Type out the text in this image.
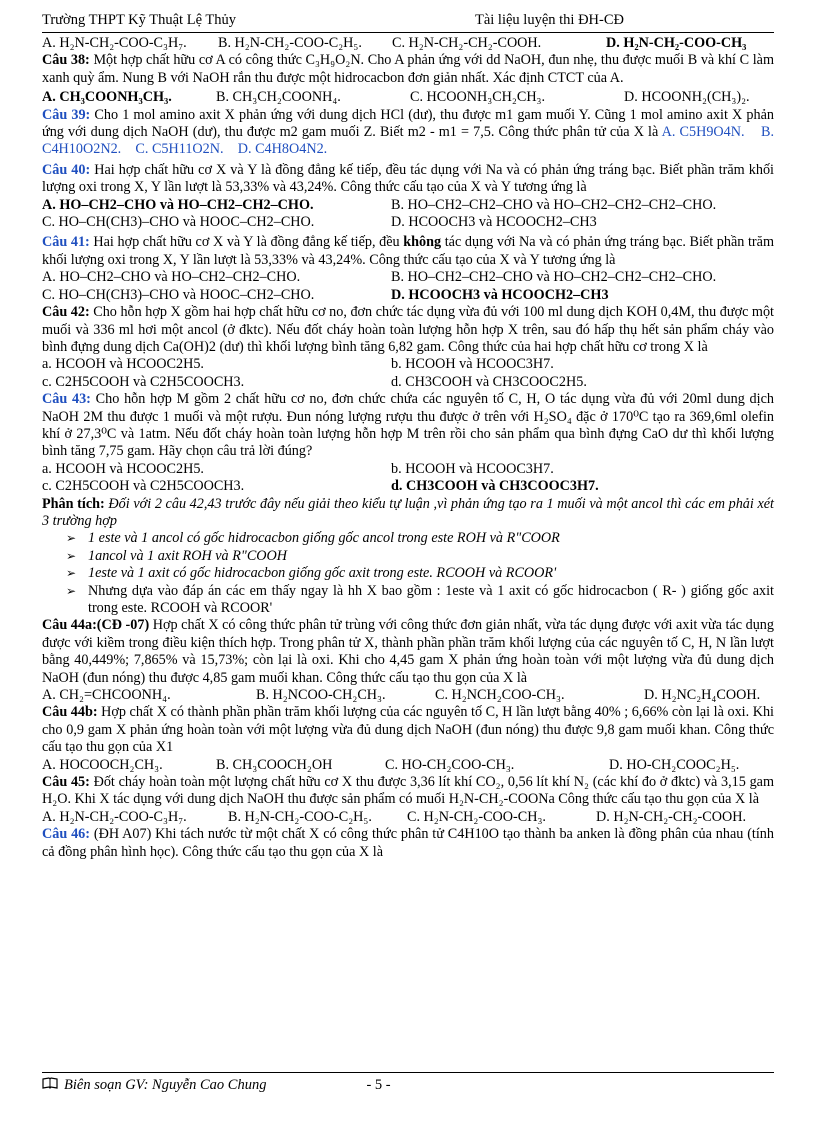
Trường THPT Kỹ Thuật Lệ Thủy	Tài liệu luyện thi ĐH-CĐ
A. H₂N-CH₂-COO-C₃H₇.	B. H₂N-CH₂-COO-C₂H₅.	C. H₂N-CH₂-CH₂-COOH.	D. H₂N-CH₂-COO-CH₃
Câu 38: Một hợp chất hữu cơ A có công thức C₃H₉O₂N. Cho A phản ứng với dd NaOH, đun nhẹ, thu được muối B và khí C làm xanh quỳ ẩm. Nung B với NaOH rắn thu được một hidrocacbon đơn giản nhất. Xác định CTCT của A.
A. CH₃COONH₃CH₃.	B. CH₃CH₂COONH₄.	C. HCOONH₃CH₂CH₃.	D. HCOONH₂(CH₃)₂.
Câu 39: Cho 1 mol amino axit X phản ứng với dung dịch HCl (dư), thu được m1 gam muối Y. Cũng 1 mol amino axit X phản ứng với dung dịch NaOH (dư), thu được m2 gam muối Z. Biết m2 - m1 = 7,5. Công thức phân tử của X là A. C5H9O4N. B. C4H10O2N2. C. C5H11O2N. D. C4H8O4N2.
Câu 40: Hai hợp chất hữu cơ X và Y là đồng đẳng kế tiếp, đều tác dụng với Na và có phản ứng tráng bạc. Biết phần trăm khối lượng oxi trong X, Y lần lượt là 53,33% và 43,24%. Công thức cấu tạo của X và Y tương ứng là
A. HO–CH2–CHO và HO–CH2–CH2–CHO.	B. HO–CH2–CH2–CHO và HO–CH2–CH2–CH2–CHO.
C. HO–CH(CH3)–CHO và HOOC–CH2–CHO.	D. HCOOCH3 và HCOOCH2–CH3
Câu 41: Hai hợp chất hữu cơ X và Y là đồng đẳng kế tiếp, đều không tác dụng với Na và có phản ứng tráng bạc. Biết phần trăm khối lượng oxi trong X, Y lần lượt là 53,33% và 43,24%. Công thức cấu tạo của X và Y tương ứng là
A. HO–CH2–CHO và HO–CH2–CH2–CHO.	B. HO–CH2–CH2–CHO và HO–CH2–CH2–CH2–CHO.
C. HO–CH(CH3)–CHO và HOOC–CH2–CHO.	D. HCOOCH3 và HCOOCH2–CH3
Câu 42: Cho hỗn hợp X gồm hai hợp chất hữu cơ no, đơn chức tác dụng vừa đủ với 100 ml dung dịch KOH 0,4M, thu được một muối và 336 ml hơi một ancol (ở đktc). Nếu đốt cháy hoàn toàn lượng hỗn hợp X trên, sau đó hấp thụ hết sản phẩm cháy vào bình đựng dung dịch Ca(OH)2 (dư) thì khối lượng bình tăng 6,82 gam. Công thức của hai hợp chất hữu cơ trong X là
a. HCOOH và HCOOC2H5.	b. HCOOH và HCOOC3H7.
c. C2H5COOH và C2H5COOCH3.	d. CH3COOH và CH3COOC2H5.
Câu 43: Cho hỗn hợp M gồm 2 chất hữu cơ no, đơn chức chứa các nguyên tố C, H, O tác dụng vừa đủ với 20ml dung dịch NaOH 2M thu được 1 muối và một rượu. Đun nóng lượng rượu thu được ở trên với H₂SO₄ đặc ở 170⁰C tạo ra 369,6ml olefin khí ở 27,3⁰C và 1atm. Nếu đốt cháy hoàn toàn lượng hỗn hợp M trên rồi cho sản phẩm qua bình đựng CaO dư thì khối lượng bình tăng 7,75 gam. Hãy chọn câu trả lời đúng?
a. HCOOH và HCOOC2H5.	b. HCOOH và HCOOC3H7.
c. C2H5COOH và C2H5COOCH3.	d. CH3COOH và CH3COOC3H7.
Phân tích: Đối với 2 câu 42,43 trước đây nếu giải theo kiểu tự luận ,vì phản ứng tạo ra 1 muối và một ancol thì các em phải xét 3 trường hợp
➢ 1 este và 1 ancol có gốc hidrocacbon giống gốc ancol trong este ROH và R"COOR
➢ 1ancol và 1 axit ROH và R"COOH
➢ 1este và 1 axit có gốc hidrocacbon giống gốc axit trong este. RCOOH và RCOOR'
➢ Nhưng dựa vào đáp án các em thấy ngay là hh X bao gồm : 1este và 1 axit có gốc hidrocacbon ( R- ) giống gốc axit trong este. RCOOH và RCOOR'
Câu 44a:(CĐ -07) Hợp chất X có công thức phân tử trùng với công thức đơn giản nhất, vừa tác dụng được với axit vừa tác dụng được với kiềm trong điều kiện thích hợp. Trong phân tử X, thành phần phần trăm khối lượng của các nguyên tố C, H, N lần lượt bằng 40,449%; 7,865% và 15,73%; còn lại là oxi. Khi cho 4,45 gam X phản ứng hoàn toàn với một lượng vừa đủ dung dịch NaOH (đun nóng) thu được 4,85 gam muối khan. Công thức cấu tạo thu gọn của X là
A. CH₂=CHCOONH₄.	B. H₂NCOO-CH₂CH₃.	C. H₂NCH₂COO-CH₃.	D. H₂NC₂H₄COOH.
Câu 44b: Hợp chất X có thành phần phần trăm khối lượng của các nguyên tố C, H lần lượt bằng 40% ; 6,66% còn lại là oxi. Khi cho 0,9 gam X phản ứng hoàn toàn với một lượng vừa đủ dung dịch NaOH (đun nóng) thu được 9,8 gam muối khan. Công thức cấu tạo thu gọn của X1
A. HOCOOCH₂CH₃.	B. CH₃COOCH₂OH	C. HO-CH₂COO-CH₃.	D. HO-CH₂COOC₂H₅.
Câu 45: Đốt cháy hoàn toàn một lượng chất hữu cơ X thu được 3,36 lít khí CO₂, 0,56 lít khí N₂ (các khí đo ở đktc) và 3,15 gam H₂O. Khi X tác dụng với dung dịch NaOH thu được sản phẩm có muối H₂N-CH₂-COONa Công thức cấu tạo thu gọn của X là
A. H₂N-CH₂-COO-C₃H₇.	B. H₂N-CH₂-COO-C₂H₅.	C. H₂N-CH₂-COO-CH₃.	D. H₂N-CH₂-CH₂-COOH.
Câu 46: (ĐH A07) Khi tách nước từ một chất X có công thức phân tử C4H10O tạo thành ba anken là đồng phân của nhau (tính cả đồng phân hình học). Công thức cấu tạo thu gọn của X là
Biên soạn GV: Nguyễn Cao Chung	- 5 -
